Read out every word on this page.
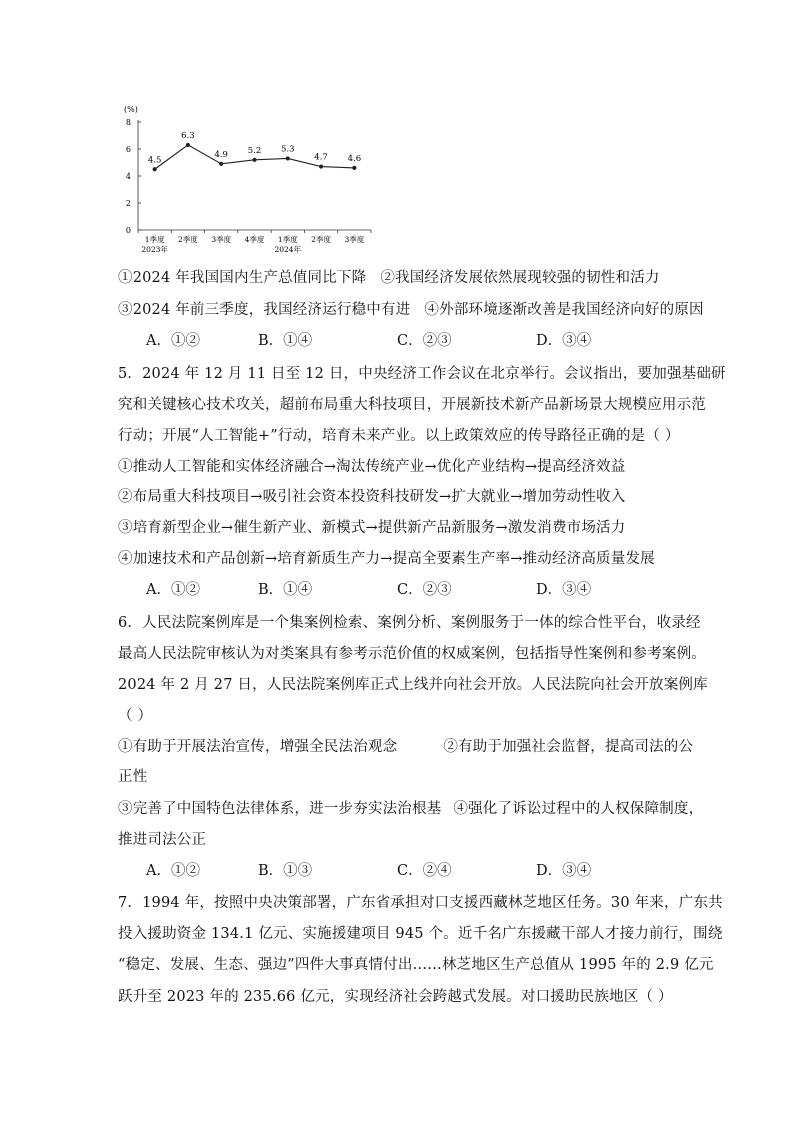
(%)
0
2
4
6
8
1季度 2季度 3季度 4季度 1季度 2季度 3季度
2023年	2024年
4.5
6.3
4.9 5.2 5.3
4.7 4.6
①2024 年我国国内生产总值同比下降 ②我国经济发展依然展现较强的韧性和活力
③2024 年前三季度，我国经济运行稳中有进 ④外部环境逐渐改善是我国经济向好的原因
A．①②	B．①④	C．②③	D．③④
5．2024 年 12 月 11 日至 12 日，中央经济工作会议在北京举行。会议指出，要加强基础研
究和关键核心技术攻关，超前布局重大科技项目，开展新技术新产品新场景大规模应用示范
行动；开展“人工智能+”行动，培育未来产业。以上政策效应的传导路径正确的是（ ）
①推动人工智能和实体经济融合→淘汰传统产业→优化产业结构→提高经济效益
②布局重大科技项目→吸引社会资本投资科技研发→扩大就业→增加劳动性收入
③培育新型企业→催生新产业、新模式→提供新产品新服务→激发消费市场活力
④加速技术和产品创新→培育新质生产力→提高全要素生产率→推动经济高质量发展
A．①②	B．①④	C．②③	D．③④
6．人民法院案例库是一个集案例检索、案例分析、案例服务于一体的综合性平台，收录经
最高人民法院审核认为对类案具有参考示范价值的权威案例，包括指导性案例和参考案例。
2024 年 2 月 27 日，人民法院案例库正式上线并向社会开放。人民法院向社会开放案例库
（ ）
①有助于开展法治宣传，增强全民法治观念	②有助于加强社会监督，提高司法的公
正性
③完善了中国特色法律体系，进一步夯实法治根基 ④强化了诉讼过程中的人权保障制度，
推进司法公正
A．①②	B．①③	C．②④	D．③④
7．1994 年，按照中央决策部署，广东省承担对口支援西藏林芝地区任务。30 年来，广东共
投入援助资金 134.1 亿元、实施援建项目 945 个。近千名广东援藏干部人才接力前行，围绕
“稳定、发展、生态、强边”四件大事真情付出……林芝地区生产总值从 1995 年的 2.9 亿元
跃升至 2023 年的 235.66 亿元，实现经济社会跨越式发展。对口援助民族地区（ ）
